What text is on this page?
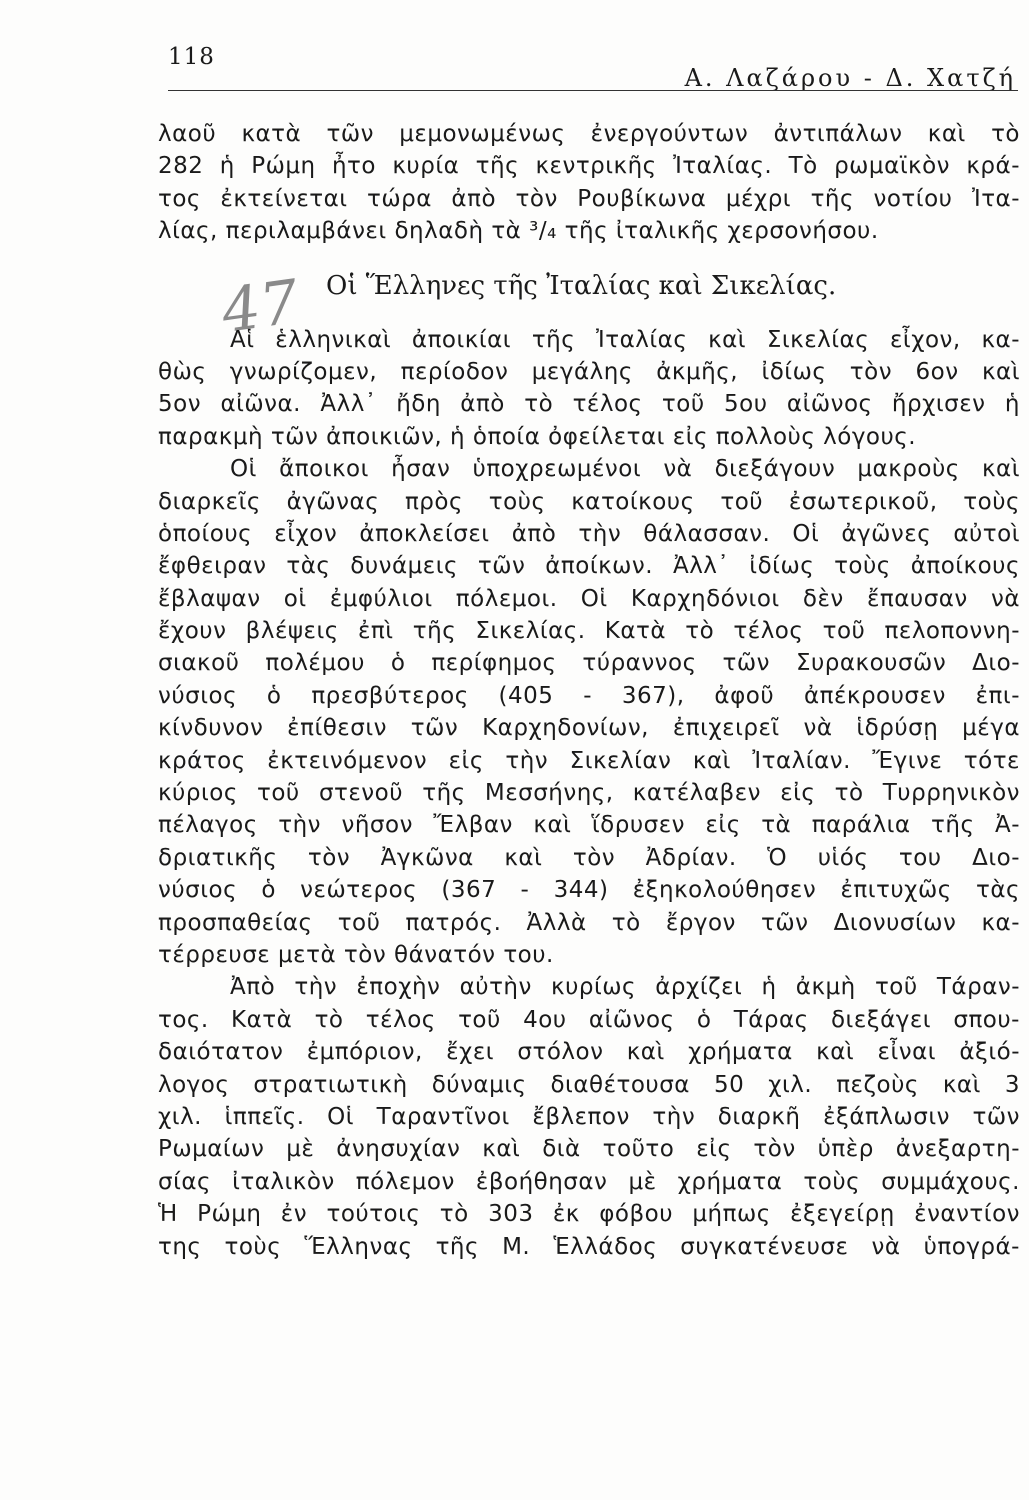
118
Α. Λαζάρου - Δ. Χατζή
47
λαοῦ κατὰ τῶν μεμονωμένως ἐνεργούντων ἀντιπάλων καὶ τὸ
282 ἡ Ρώμη ἦτο κυρία τῆς κεντρικῆς Ἰταλίας. Τὸ ρωμαϊκὸν κρά-
τος ἐκτείνεται τώρα ἀπὸ τὸν Ρουβίκωνα μέχρι τῆς νοτίου Ἰτα-
λίας, περιλαμβάνει δηλαδὴ τὰ ³/₄ τῆς ἰταλικῆς χερσονήσου.
Οἱ Ἕλληνες τῆς Ἰταλίας καὶ Σικελίας.
Αἱ ἑλληνικαὶ ἀποικίαι τῆς Ἰταλίας καὶ Σικελίας εἶχον, κα-
θὼς γνωρίζομεν, περίοδον μεγάλης ἀκμῆς, ἰδίως τὸν 6ον καὶ
5ον αἰῶνα. Ἀλλ᾽ ἤδη ἀπὸ τὸ τέλος τοῦ 5ου αἰῶνος ἤρχισεν ἡ
παρακμὴ τῶν ἀποικιῶν, ἡ ὁποία ὀφείλεται εἰς πολλοὺς λόγους.
Οἱ ἄποικοι ἦσαν ὑποχρεωμένοι νὰ διεξάγουν μακροὺς καὶ
διαρκεῖς ἀγῶνας πρὸς τοὺς κατοίκους τοῦ ἐσωτερικοῦ, τοὺς
ὁποίους εἶχον ἀποκλείσει ἀπὸ τὴν θάλασσαν. Οἱ ἀγῶνες αὐτοὶ
ἔφθειραν τὰς δυνάμεις τῶν ἀποίκων. Ἀλλ᾽ ἰδίως τοὺς ἀποίκους
ἔβλαψαν οἱ ἐμφύλιοι πόλεμοι. Οἱ Καρχηδόνιοι δὲν ἔπαυσαν νὰ
ἔχουν βλέψεις ἐπὶ τῆς Σικελίας. Κατὰ τὸ τέλος τοῦ πελοποννη-
σιακοῦ πολέμου ὁ περίφημος τύραννος τῶν Συρακουσῶν Διο-
νύσιος ὁ πρεσβύτερος (405 - 367), ἀφοῦ ἀπέκρουσεν ἐπι-
κίνδυνον ἐπίθεσιν τῶν Καρχηδονίων, ἐπιχειρεῖ νὰ ἱδρύσῃ μέγα
κράτος ἐκτεινόμενον εἰς τὴν Σικελίαν καὶ Ἰταλίαν. Ἔγινε τότε
κύριος τοῦ στενοῦ τῆς Μεσσήνης, κατέλαβεν εἰς τὸ Τυρρηνικὸν
πέλαγος τὴν νῆσον Ἔλβαν καὶ ἵδρυσεν εἰς τὰ παράλια τῆς Ἀ-
δριατικῆς τὸν Ἀγκῶνα καὶ τὸν Ἀδρίαν. Ὁ υἱός του Διο-
νύσιος ὁ νεώτερος (367 - 344) ἐξηκολούθησεν ἐπιτυχῶς τὰς
προσπαθείας τοῦ πατρός. Ἀλλὰ τὸ ἔργον τῶν Διονυσίων κα-
τέρρευσε μετὰ τὸν θάνατόν του.
Ἀπὸ τὴν ἐποχὴν αὐτὴν κυρίως ἀρχίζει ἡ ἀκμὴ τοῦ Τάραν-
τος. Κατὰ τὸ τέλος τοῦ 4ου αἰῶνος ὁ Τάρας διεξάγει σπου-
δαιότατον ἐμπόριον, ἔχει στόλον καὶ χρήματα καὶ εἶναι ἀξιό-
λογος στρατιωτικὴ δύναμις διαθέτουσα 50 χιλ. πεζοὺς καὶ 3
χιλ. ἱππεῖς. Οἱ Ταραντῖνοι ἔβλεπον τὴν διαρκῆ ἐξάπλωσιν τῶν
Ρωμαίων μὲ ἀνησυχίαν καὶ διὰ τοῦτο εἰς τὸν ὑπὲρ ἀνεξαρτη-
σίας ἰταλικὸν πόλεμον ἐβοήθησαν μὲ χρήματα τοὺς συμμάχους.
Ἡ Ρώμη ἐν τούτοις τὸ 303 ἐκ φόβου μήπως ἐξεγείρῃ ἐναντίον
της τοὺς Ἕλληνας τῆς Μ. Ἑλλάδος συγκατένευσε νὰ ὑπογρά-
